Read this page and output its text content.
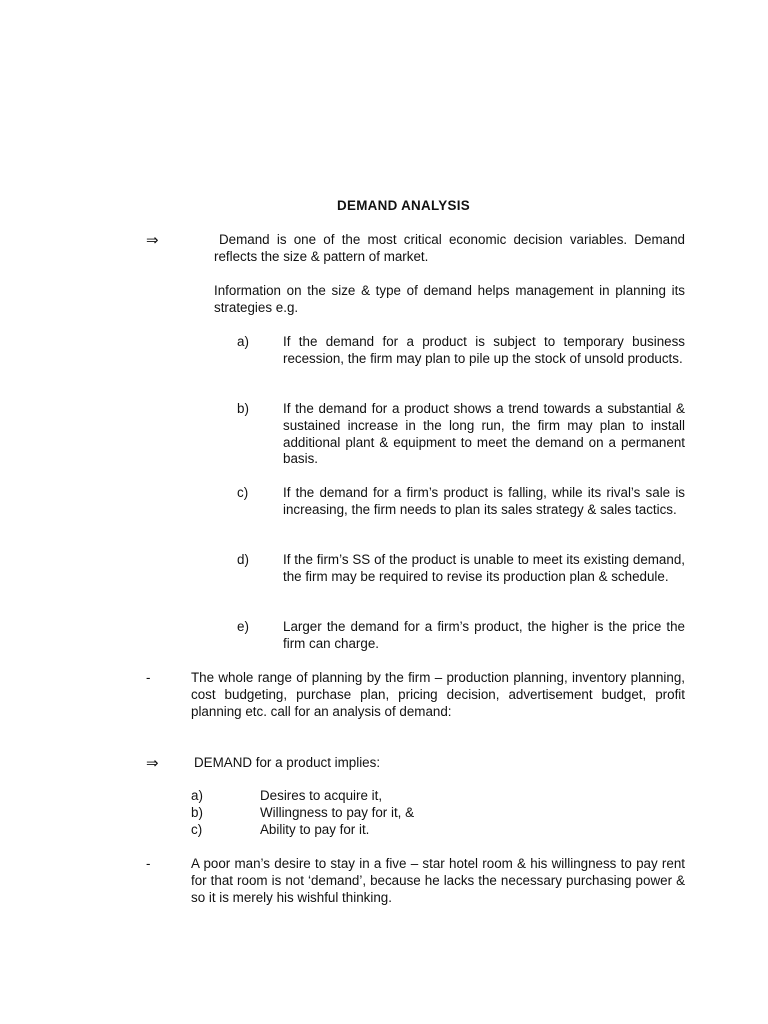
DEMAND ANALYSIS
⇒	Demand is one of the most critical economic decision variables. Demand reflects the size & pattern of market.
Information on the size & type of demand helps management in planning its strategies e.g.
a)	If the demand for a product is subject to temporary business recession, the firm may plan to pile up the stock of unsold products.
b)	If the demand for a product shows a trend towards a substantial & sustained increase in the long run, the firm may plan to install additional plant & equipment to meet the demand on a permanent basis.
c)	If the demand for a firm’s product is falling, while its rival’s sale is increasing, the firm needs to plan its sales strategy & sales tactics.
d)	If the firm’s SS of the product is unable to meet its existing demand, the firm may be required to revise its production plan & schedule.
e)	Larger the demand for a firm’s product, the higher is the price the firm can charge.
-	The whole range of planning by the firm – production planning, inventory planning, cost budgeting, purchase plan, pricing decision, advertisement budget, profit planning etc. call for an analysis of demand:
⇒	DEMAND for a product implies:
a)	Desires to acquire it,
b)	Willingness to pay for it, &
c)	Ability to pay for it.
-	A poor man’s desire to stay in a five – star hotel room & his willingness to pay rent for that room is not ‘demand’, because he lacks the necessary purchasing power & so it is merely his wishful thinking.
